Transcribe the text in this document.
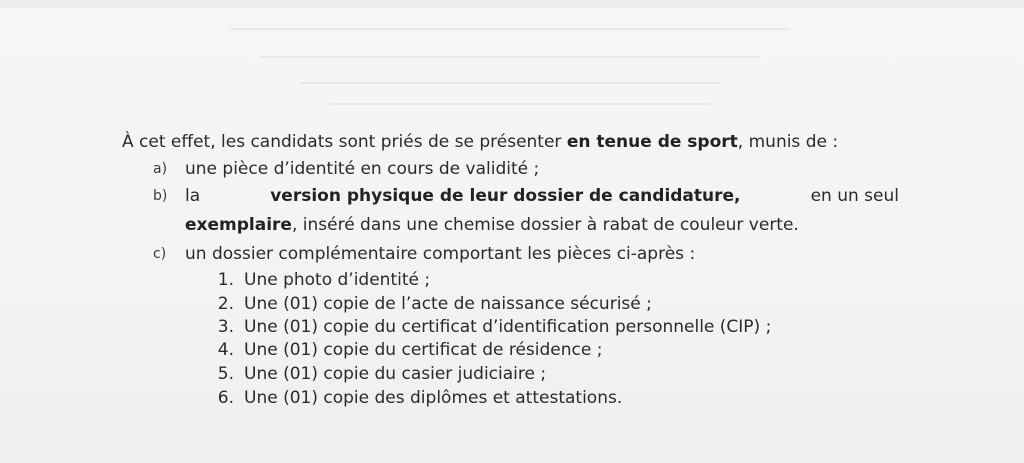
À cet effet, les candidats sont priés de se présenter en tenue de sport, munis de :
a) une pièce d’identité en cours de validité ;
b) la	version physique de leur dossier de candidature,	en un seul
exemplaire, inséré dans une chemise dossier à rabat de couleur verte.
c) un dossier complémentaire comportant les pièces ci-après :
1. Une photo d’identité ;
2. Une (01) copie de l’acte de naissance sécurisé ;
3. Une (01) copie du certificat d’identification personnelle (CIP) ;
4. Une (01) copie du certificat de résidence ;
5. Une (01) copie du casier judiciaire ;
6. Une (01) copie des diplômes et attestations.
